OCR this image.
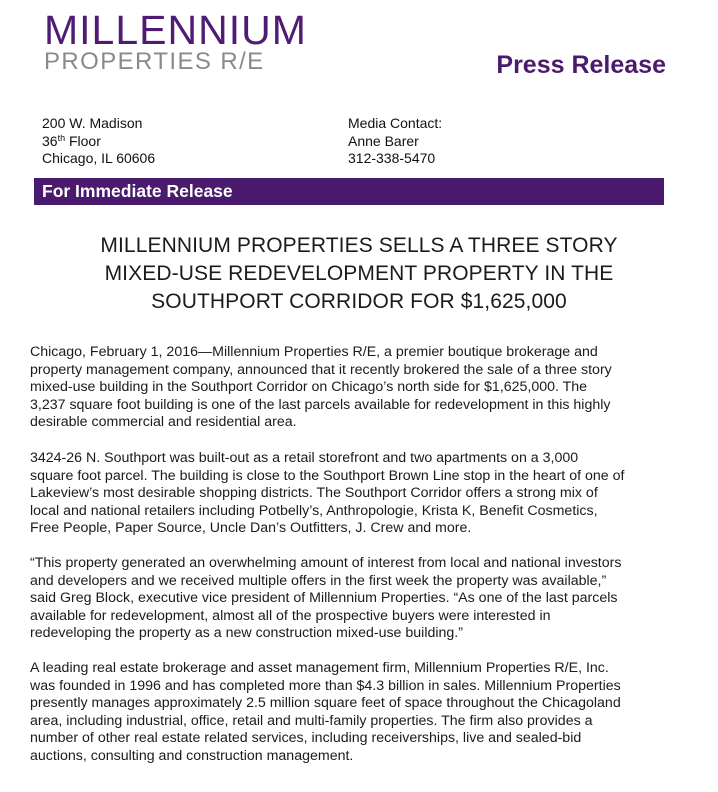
MILLENNIUM
PROPERTIES R/E	Press Release
200 W. Madison
36th Floor
Chicago, IL 60606
Media Contact:
Anne Barer
312-338-5470
For Immediate Release
MILLENNIUM PROPERTIES SELLS A THREE STORY
MIXED-USE REDEVELOPMENT PROPERTY IN THE
SOUTHPORT CORRIDOR FOR $1,625,000
Chicago, February 1, 2016—Millennium Properties R/E, a premier boutique brokerage and
property management company, announced that it recently brokered the sale of a three story
mixed-use building in the Southport Corridor on Chicago’s north side for $1,625,000. The
3,237 square foot building is one of the last parcels available for redevelopment in this highly
desirable commercial and residential area.
3424-26 N. Southport was built-out as a retail storefront and two apartments on a 3,000
square foot parcel. The building is close to the Southport Brown Line stop in the heart of one of
Lakeview’s most desirable shopping districts. The Southport Corridor offers a strong mix of
local and national retailers including Potbelly’s, Anthropologie, Krista K, Benefit Cosmetics,
Free People, Paper Source, Uncle Dan’s Outfitters, J. Crew and more.
“This property generated an overwhelming amount of interest from local and national investors
and developers and we received multiple offers in the first week the property was available,”
said Greg Block, executive vice president of Millennium Properties. “As one of the last parcels
available for redevelopment, almost all of the prospective buyers were interested in
redeveloping the property as a new construction mixed-use building.”
A leading real estate brokerage and asset management firm, Millennium Properties R/E, Inc.
was founded in 1996 and has completed more than $4.3 billion in sales. Millennium Properties
presently manages approximately 2.5 million square feet of space throughout the Chicagoland
area, including industrial, office, retail and multi-family properties. The firm also provides a
number of other real estate related services, including receiverships, live and sealed-bid
auctions, consulting and construction management.
